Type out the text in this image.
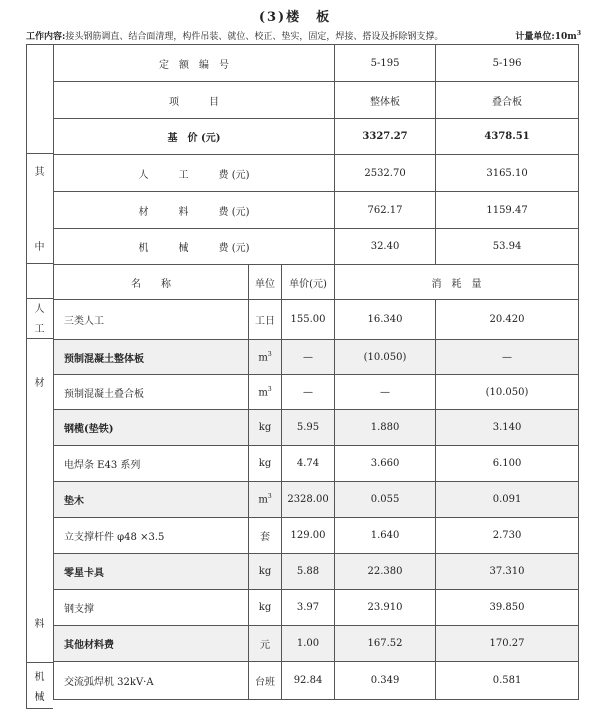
(3)楼　板
工作内容:接头钢筋调直、结合面清理，构件吊装、就位、校正、垫实，固定，焊接、搭设及拆除钢支撑。	计量单位$:10m^3$
其
中
人
工
材
料
机
械
定　额　编　号			5-195	5-196
项　　　目			整体板	叠合板
基　价 (元)			3327.27	4378.51
人　　　工　　　费 (元)			2532.70	3165.10
材　　　料　　　费 (元)			762.17	1159.47
机　　　械　　　费 (元)			32.40	53.94
名　　称	单位	单价(元)	消　耗　量	
三类人工	工日	155.00	16.340	20.420
预制混凝土整体板	$m^3$	—	(10.050)	—
预制混凝土叠合板	$m^3$	—	—	(10.050)
钢榄(垫铁)	kg	5.95	1.880	3.140
电焊条 E43 系列	kg	4.74	3.660	6.100
垫木	$m^3$	2328.00	0.055	0.091
立支撑杆件 φ48 ×3.5	套	129.00	1.640	2.730
零星卡具	kg	5.88	22.380	37.310
钢支撑	kg	3.97	23.910	39.850
其他材料费	元	1.00	167.52	170.27
交流弧焊机 32kV·A	台班	92.84	0.349	0.581
